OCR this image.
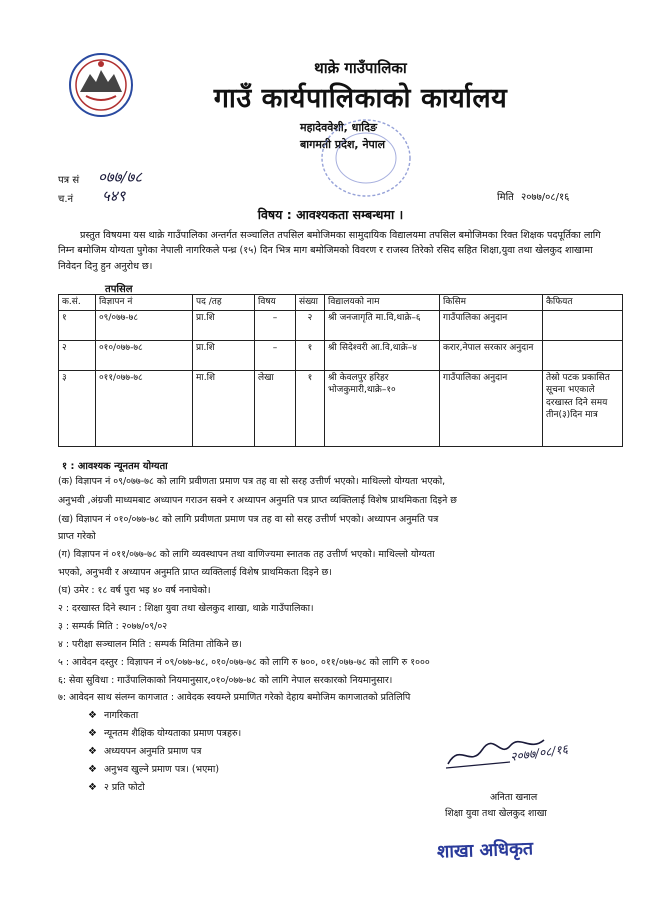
थाक्रे गाउँपालिका
गाउँ कार्यपालिकाको कार्यालय
महादेववेशी, धादिङ
बागमती प्रदेश, नेपाल
पत्र सं ०७७/७८
च.नं ५४९	मिति २०७७/०८/१६
विषय : आवश्यकता सम्बन्धमा ।
प्रस्तुत विषयमा यस थाक्रे गाउँपालिका अन्तर्गत सञ्चालित तपसिल बमोजिमका सामुदायिक विद्यालयमा तपसिल बमोजिमका रिक्त शिक्षक पदपूर्तिका लागि निम्न बमोजिम योग्यता पुगेका नेपाली नागरिकले पन्ध्र (१५) दिन भित्र माग बमोजिमको विवरण र राजस्व तिरेको रसिद सहित शिक्षा,युवा तथा खेलकुद शाखामा निवेदन दिनु हुन अनुरोध छ।
तपसिल
क.सं.	विज्ञापन नं	पद /तह	विषय	संख्या	विद्यालयको नाम	किसिम	कैफियत
१	०९/०७७-७८	प्रा.शि	–	२	श्री जनजागृति मा.वि,थाक्रे–६	गाउँपालिका अनुदान	
२	०१०/०७७-७८	प्रा.शि	–	१	श्री सिदेश्वरी आ.वि,थाक्रे–४	करार,नेपाल सरकार अनुदान	
३	०११/०७७-७८	मा.शि	लेखा	१	श्री केवलपुर हरिहर भोजकुमारी,थाक्रे–१०	गाउँपालिका अनुदान	तेस्रो पटक प्रकासित सूचना भएकाले दरखास्त दिने समय तीन(३)दिन मात्र
१ : आवश्यक न्यूनतम योग्यता
(क) विज्ञापन नं ०९/०७७-७८ को लागि प्रवीणता प्रमाण पत्र तह वा सो सरह उत्तीर्ण भएको। माथिल्लो योग्यता भएको,
अनुभवी ,अंग्रजी माध्यमबाट अध्यापन गराउन सक्ने र अध्यापन अनुमति पत्र प्राप्त व्यक्तिलाई विशेष प्राथमिकता दिइने छ
(ख) विज्ञापन नं ०१०/०७७-७८ को लागि प्रवीणता प्रमाण पत्र तह वा सो सरह उत्तीर्ण भएको। अध्यापन अनुमति पत्र
प्राप्त गरेको
(ग) विज्ञापन नं ०११/०७७-७८ को लागि व्यवस्थापन तथा वाणिज्यमा स्नातक तह उत्तीर्ण भएको। माथिल्लो योग्यता
भएको, अनुभवी र अध्यापन अनुमति प्राप्त व्यक्तिलाई विशेष प्राथमिकता दिइने छ।
(घ) उमेर : १८ वर्ष पुरा भइ ४० वर्ष ननाघेको।
२ : दरखास्त दिने स्थान : शिक्षा युवा तथा खेलकुद शाखा, थाक्रे गाउँपालिका।
३ : सम्पर्क मिति : २०७७/०९/०२
४ : परीक्षा सञ्चालन मिति : सम्पर्क मितिमा तोकिने छ।
५ : आवेदन दस्तुर : विज्ञापन नं ०९/०७७-७८, ०१०/०७७-७८ को लागि रु ७००, ०११/०७७-७८ को लागि रु १०००
६: सेवा सुविधा : गाउँपालिकाको नियमानुसार,०१०/०७७-७८ को लागि नेपाल सरकारको नियमानुसार।
७: आवेदन साथ संलग्न कागजात : आवेदक स्वयम्ले प्रमाणित गरेको देहाय बमोजिम कागजातको प्रतिलिपि
❖ नागरिकता
❖ न्यूनतम शैक्षिक योग्यताका प्रमाण पत्रहरु।
❖ अध्ययपन अनुमति प्रमाण पत्र
❖ अनुभव खुल्ने प्रमाण पत्र। (भएमा)
❖ २ प्रति फोटो
२०७७/०८/१६
अनिता खनाल
शिक्षा युवा तथा खेलकुद शाखा
शाखा अधिकृत
